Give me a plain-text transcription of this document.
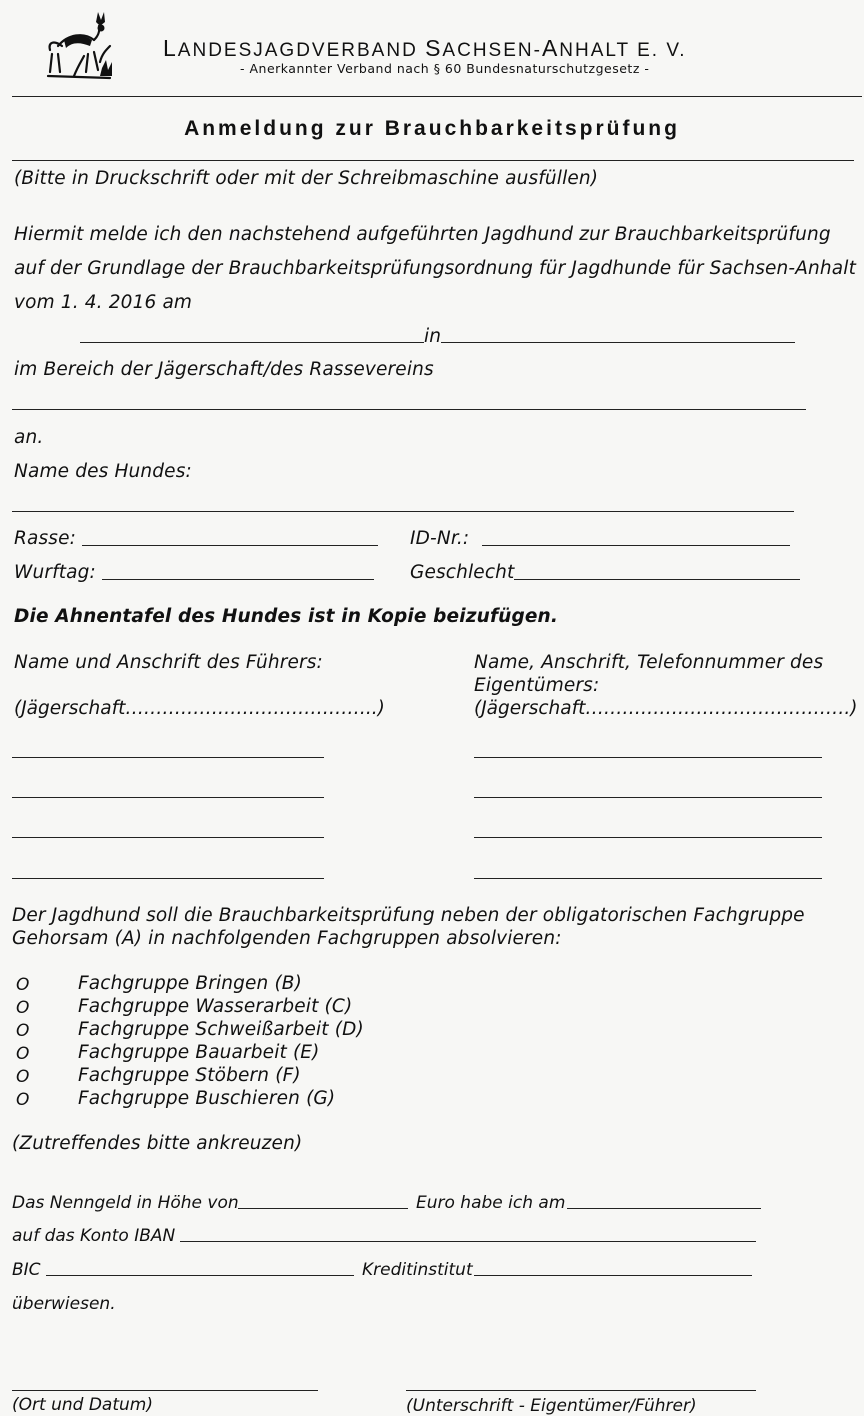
LANDESJAGDVERBAND SACHSEN-ANHALT E. V.
- Anerkannter Verband nach § 60 Bundesnaturschutzgesetz -
Anmeldung zur Brauchbarkeitsprüfung
(Bitte in Druckschrift oder mit der Schreibmaschine ausfüllen)
Hiermit melde ich den nachstehend aufgeführten Jagdhund zur Brauchbarkeitsprüfung
auf der Grundlage der Brauchbarkeitsprüfungsordnung für Jagdhunde für Sachsen-Anhalt
vom 1. 4. 2016 am
in
im Bereich der Jägerschaft/des Rassevereins
an.
Name des Hundes:
Rasse:	ID-Nr.:
Wurftag:	Geschlecht
Die Ahnentafel des Hundes ist in Kopie beizufügen.
Name und Anschrift des Führers:
(Jägerschaft…………………………………..)
Name, Anschrift, Telefonnummer des
Eigentümers:
(Jägerschaft…………………………………….)
Der Jagdhund soll die Brauchbarkeitsprüfung neben der obligatorischen Fachgruppe
Gehorsam (A) in nachfolgenden Fachgruppen absolvieren:
O	Fachgruppe Bringen (B)
O	Fachgruppe Wasserarbeit (C)
O	Fachgruppe Schweißarbeit (D)
O	Fachgruppe Bauarbeit (E)
O	Fachgruppe Stöbern (F)
O	Fachgruppe Buschieren (G)
(Zutreffendes bitte ankreuzen)
Das Nenngeld in Höhe von	Euro habe ich am
auf das Konto IBAN
BIC	Kreditinstitut
überwiesen.
(Ort und Datum)	(Unterschrift - Eigentümer/Führer)
